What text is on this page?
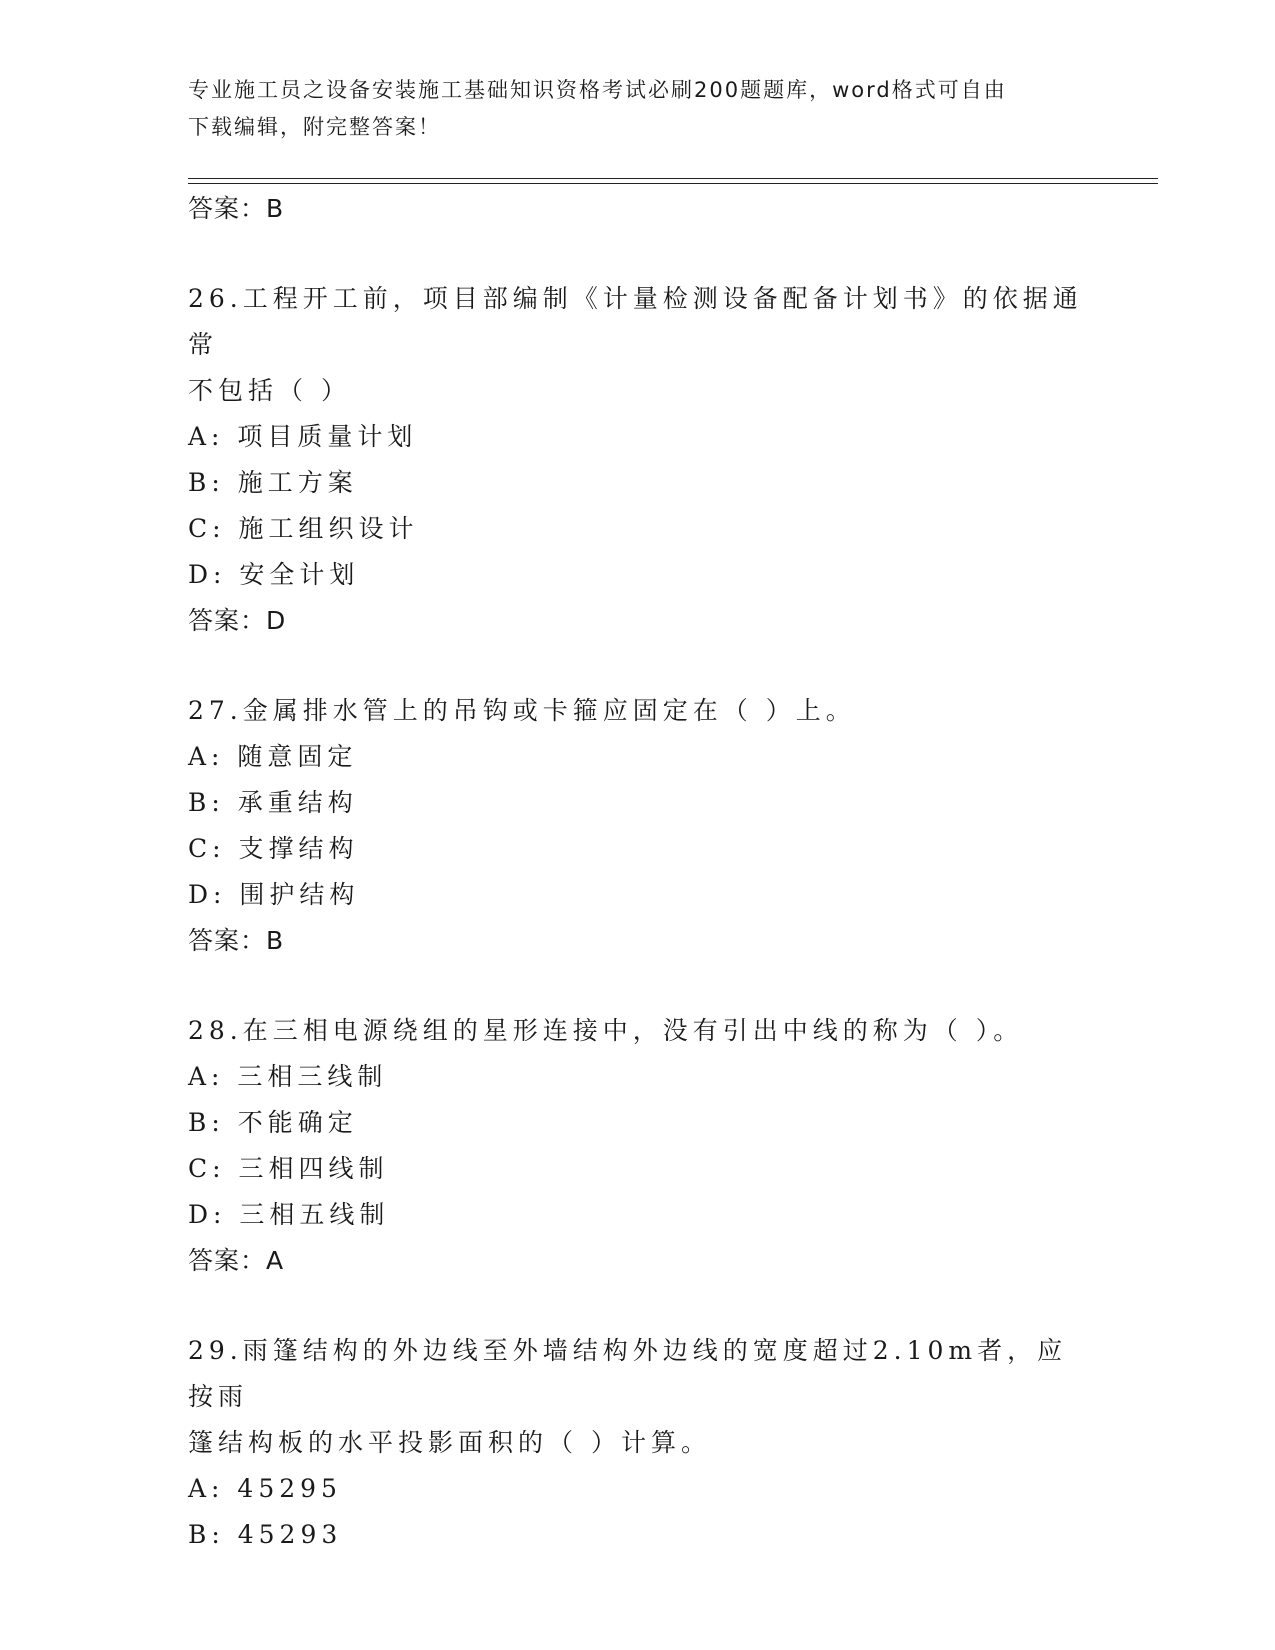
专业施工员之设备安装施工基础知识资格考试必刷200题题库，word格式可自由
下载编辑，附完整答案！
答案：B
26.工程开工前，项目部编制《计量检测设备配备计划书》的依据通常
不包括（ ）
A: 项目质量计划
B: 施工方案
C: 施工组织设计
D: 安全计划
答案：D
27.金属排水管上的吊钩或卡箍应固定在（ ）上。
A: 随意固定
B: 承重结构
C: 支撑结构
D: 围护结构
答案：B
28.在三相电源绕组的星形连接中，没有引出中线的称为（ ）。
A: 三相三线制
B: 不能确定
C: 三相四线制
D: 三相五线制
答案：A
29.雨篷结构的外边线至外墙结构外边线的宽度超过2.10m者，应按雨
篷结构板的水平投影面积的（ ）计算。
A: 45295
B: 45293
